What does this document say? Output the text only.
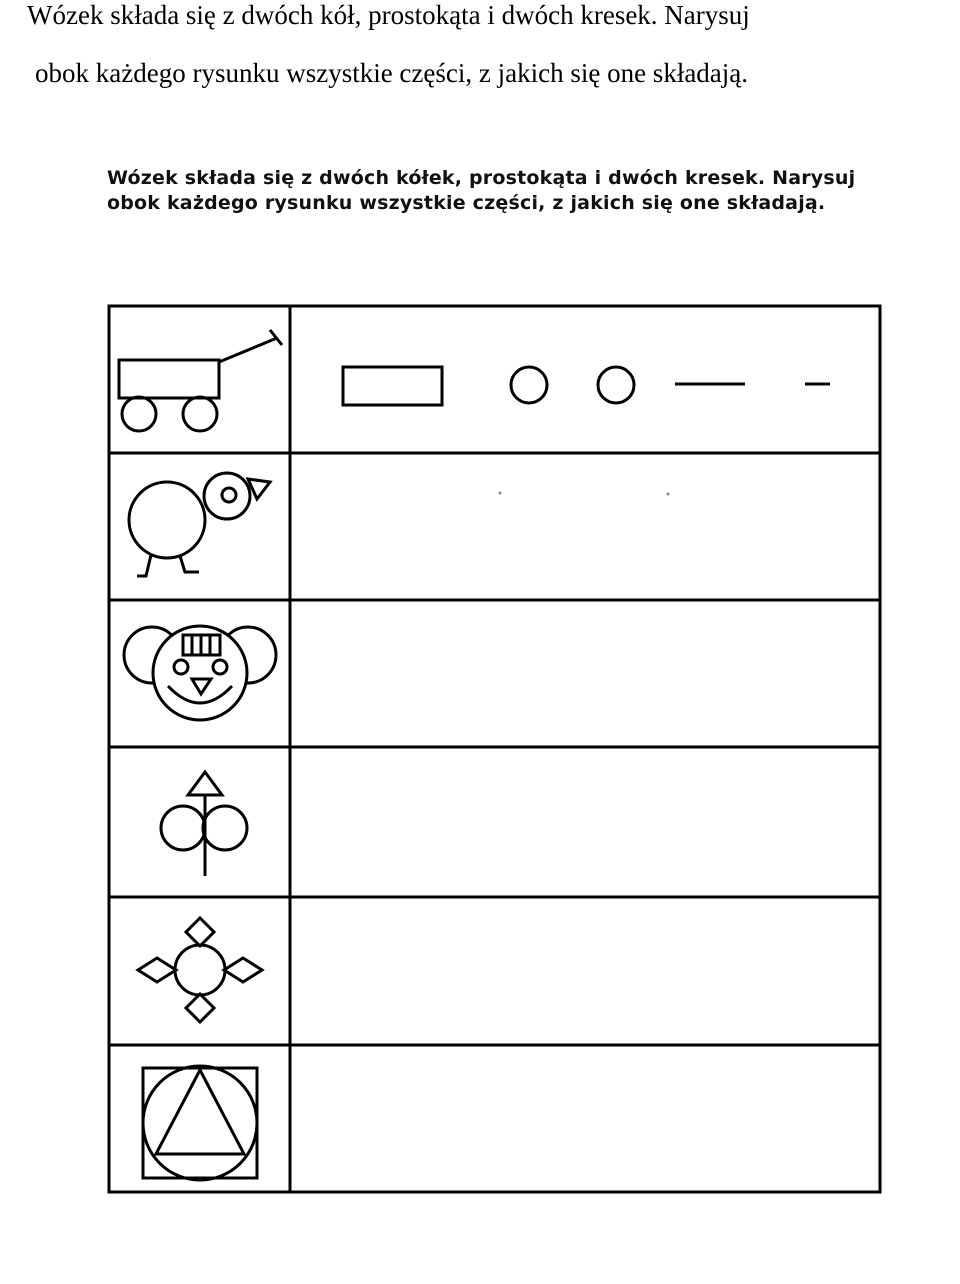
Wózek składa się z dwóch kół, prostokąta i dwóch kresek. Narysuj
obok każdego rysunku wszystkie części, z jakich się one składają.
Wózek składa się z dwóch kółek, prostokąta i dwóch kresek. Narysuj
obok każdego rysunku wszystkie części, z jakich się one składają.
